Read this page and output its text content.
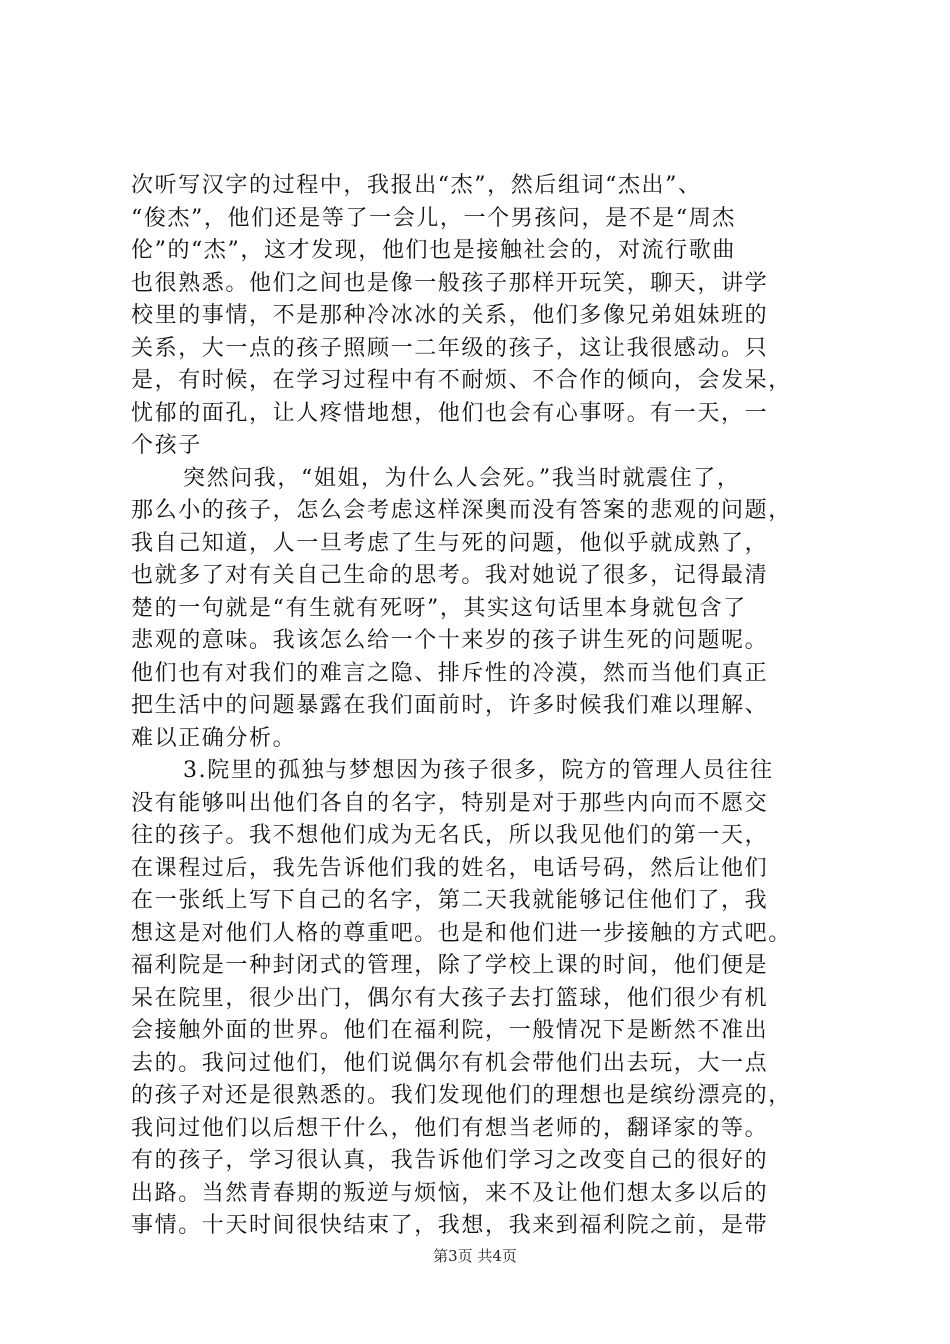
次听写汉字的过程中，我报出“杰”，然后组词“杰出”、
“俊杰”，他们还是等了一会儿，一个男孩问，是不是“周杰
伦”的“杰”，这才发现，他们也是接触社会的，对流行歌曲
也很熟悉。他们之间也是像一般孩子那样开玩笑，聊天，讲学
校里的事情，不是那种冷冰冰的关系，他们多像兄弟姐妹班的
关系，大一点的孩子照顾一二年级的孩子，这让我很感动。只
是，有时候，在学习过程中有不耐烦、不合作的倾向，会发呆，
忧郁的面孔，让人疼惜地想，他们也会有心事呀。有一天，一
个孩子
突然问我，“姐姐，为什么人会死。”我当时就震住了，
那么小的孩子，怎么会考虑这样深奥而没有答案的悲观的问题，
我自己知道，人一旦考虑了生与死的问题，他似乎就成熟了，
也就多了对有关自己生命的思考。我对她说了很多，记得最清
楚的一句就是“有生就有死呀”，其实这句话里本身就包含了
悲观的意味。我该怎么给一个十来岁的孩子讲生死的问题呢。
他们也有对我们的难言之隐、排斥性的冷漠，然而当他们真正
把生活中的问题暴露在我们面前时，许多时候我们难以理解、
难以正确分析。
3.院里的孤独与梦想因为孩子很多，院方的管理人员往往
没有能够叫出他们各自的名字，特别是对于那些内向而不愿交
往的孩子。我不想他们成为无名氏，所以我见他们的第一天，
在课程过后，我先告诉他们我的姓名，电话号码，然后让他们
在一张纸上写下自己的名字，第二天我就能够记住他们了，我
想这是对他们人格的尊重吧。也是和他们进一步接触的方式吧。
福利院是一种封闭式的管理，除了学校上课的时间，他们便是
呆在院里，很少出门，偶尔有大孩子去打篮球，他们很少有机
会接触外面的世界。他们在福利院，一般情况下是断然不准出
去的。我问过他们，他们说偶尔有机会带他们出去玩，大一点
的孩子对还是很熟悉的。我们发现他们的理想也是缤纷漂亮的，
我问过他们以后想干什么，他们有想当老师的，翻译家的等。
有的孩子，学习很认真，我告诉他们学习之改变自己的很好的
出路。当然青春期的叛逆与烦恼，来不及让他们想太多以后的
事情。十天时间很快结束了，我想，我来到福利院之前，是带
第3页 共4页
